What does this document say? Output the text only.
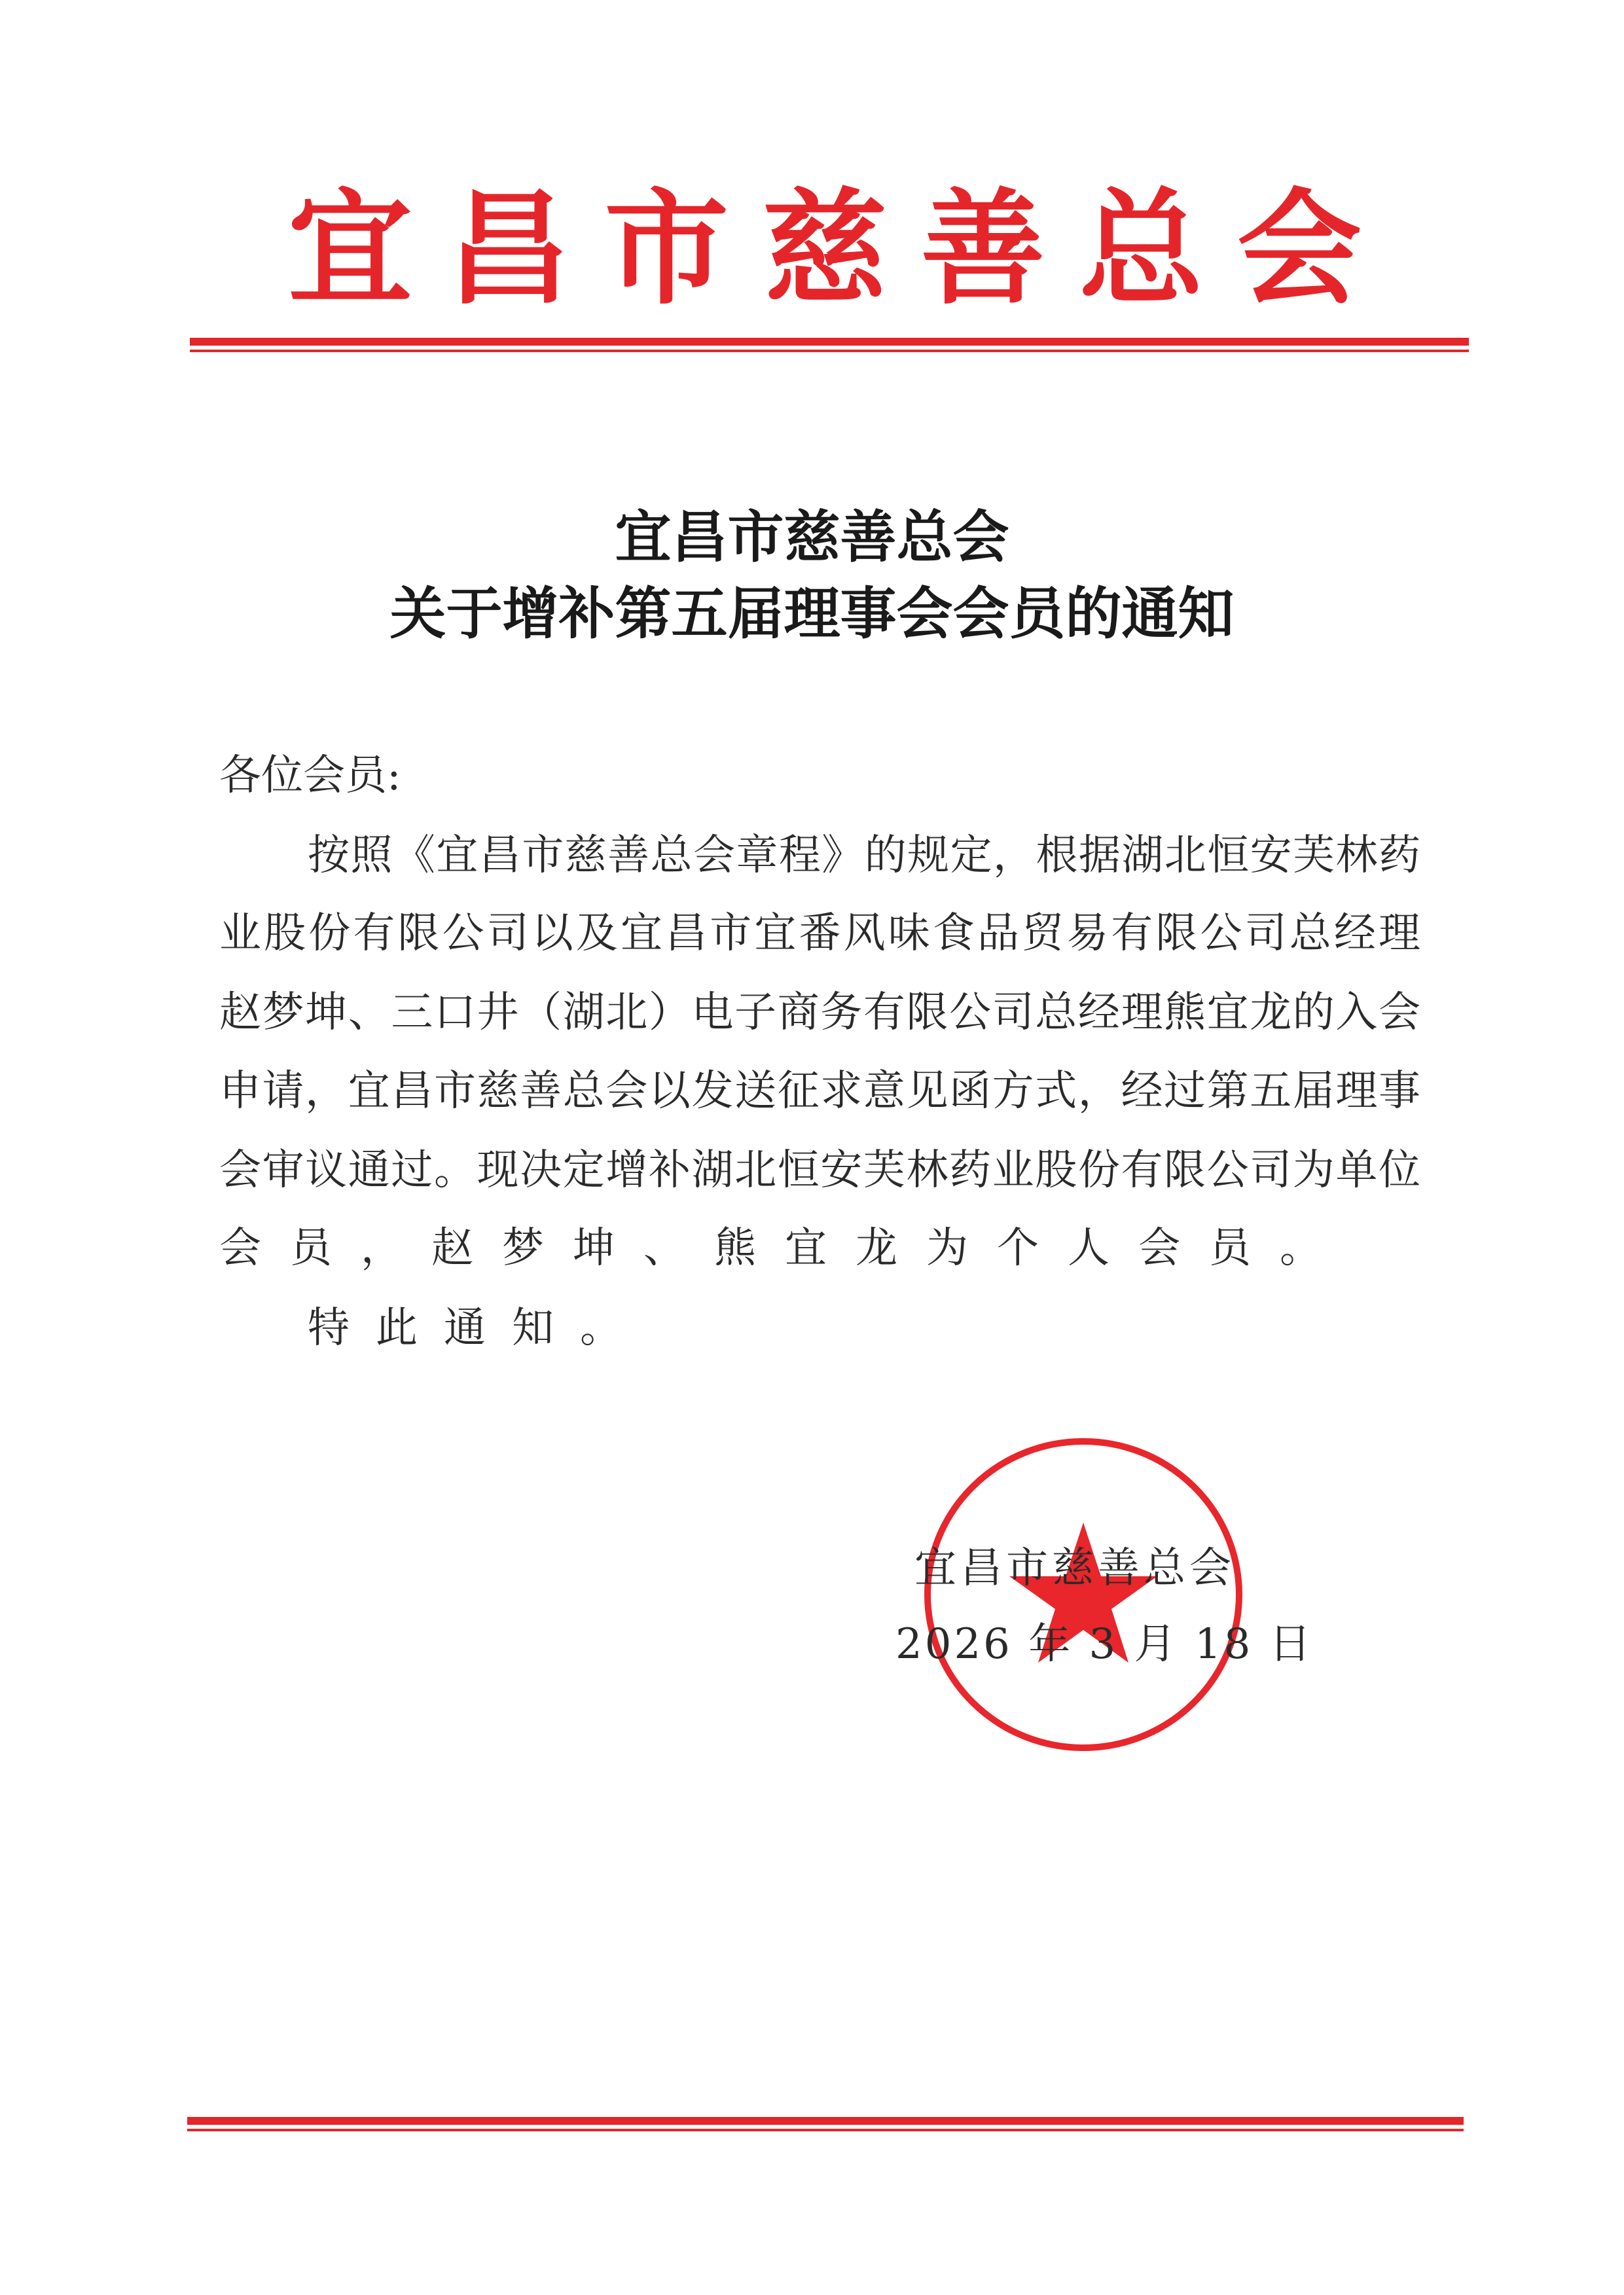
宜 昌 市 慈 善 总 会
宜昌市慈善总会
关于增补第五届理事会会员的通知
各位会员:
按照《宜昌市慈善总会章程》的规定，根据湖北恒安芙林药
业股份有限公司以及宜昌市宜番风味食品贸易有限公司总经理
赵梦坤、三口井（湖北）电子商务有限公司总经理熊宜龙的入会
申请，宜昌市慈善总会以发送征求意见函方式，经过第五届理事
会审议通过。现决定增补湖北恒安芙林药业股份有限公司为单位
会员，赵梦坤、熊宜龙为个人会员。
特此通知。
宜昌市慈善总会
2026 年 3 月 18 日
